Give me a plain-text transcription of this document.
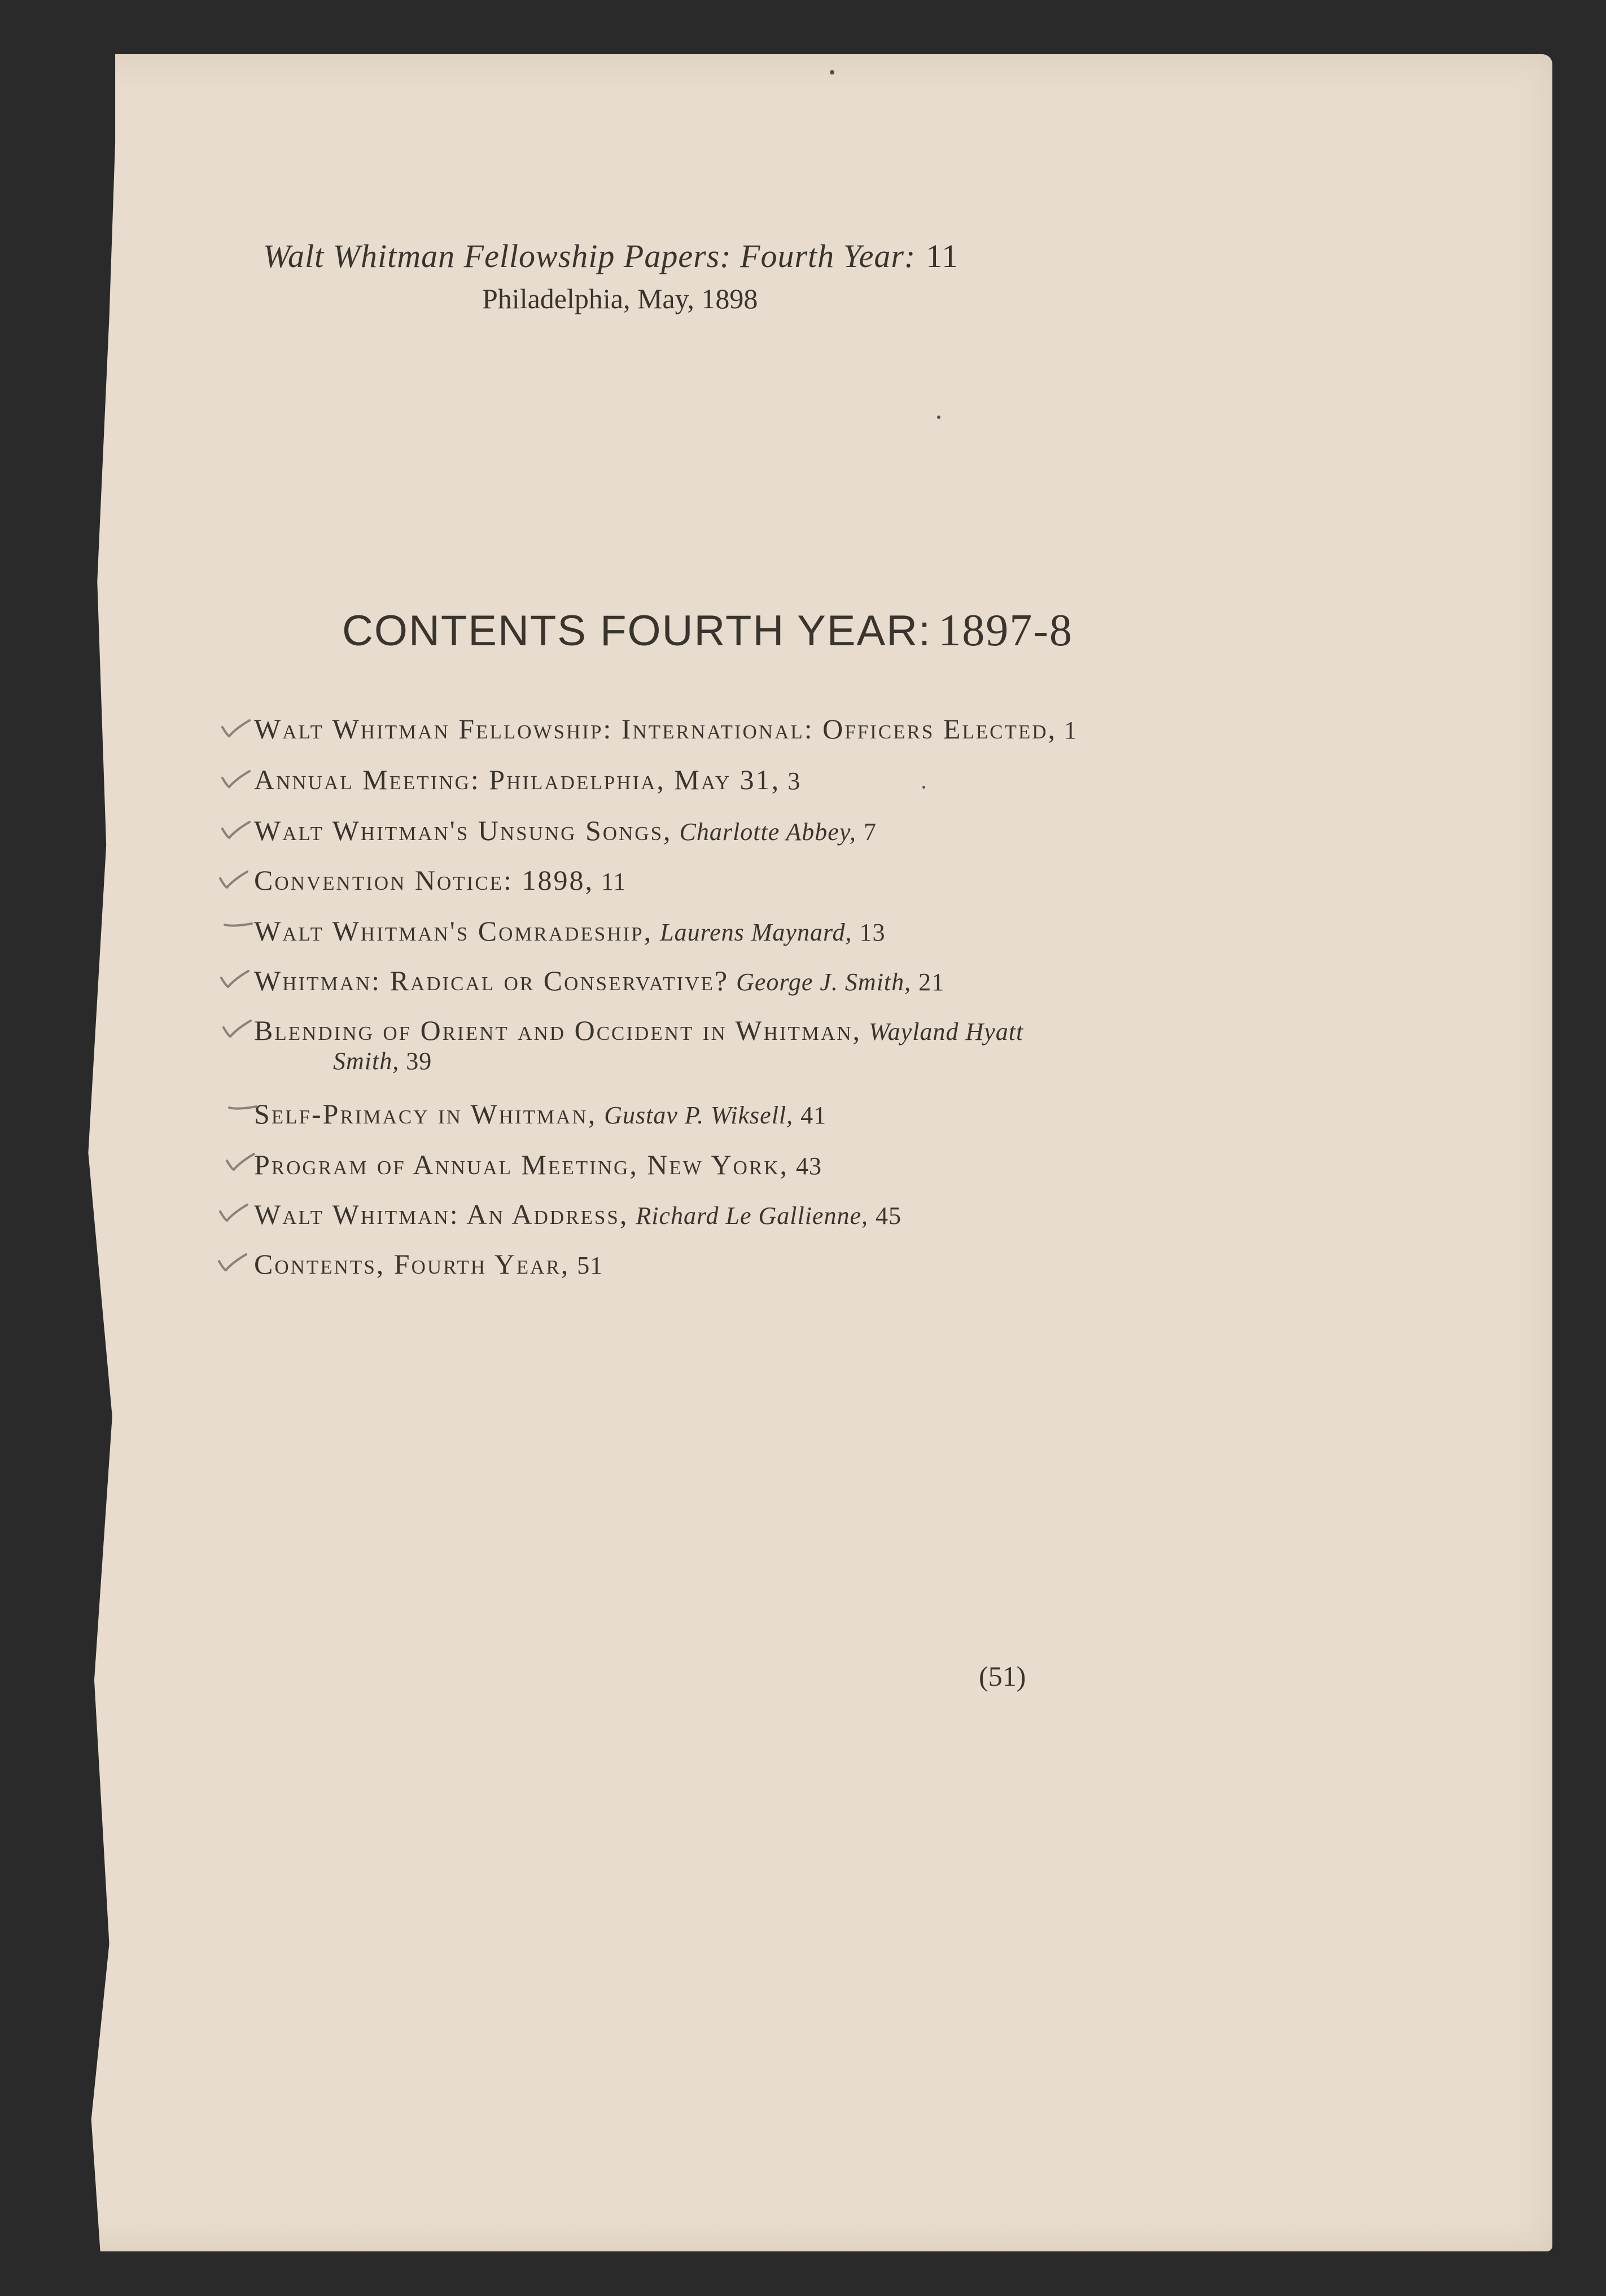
Walt Whitman Fellowship Papers: Fourth Year: 11
Philadelphia, May, 1898
CONTENTS FOURTH YEAR: 1897-8
Walt Whitman Fellowship: International: Officers Elected, 1
Annual Meeting: Philadelphia, May 31, 3
Walt Whitman's Unsung Songs, Charlotte Abbey, 7
Convention Notice: 1898, 11
Walt Whitman's Comradeship, Laurens Maynard, 13
Whitman: Radical or Conservative? George J. Smith, 21
Blending of Orient and Occident in Whitman, Wayland Hyatt
Smith, 39
Self-Primacy in Whitman, Gustav P. Wiksell, 41
Program of Annual Meeting, New York, 43
Walt Whitman: An Address, Richard Le Gallienne, 45
Contents, Fourth Year, 51
(51)
